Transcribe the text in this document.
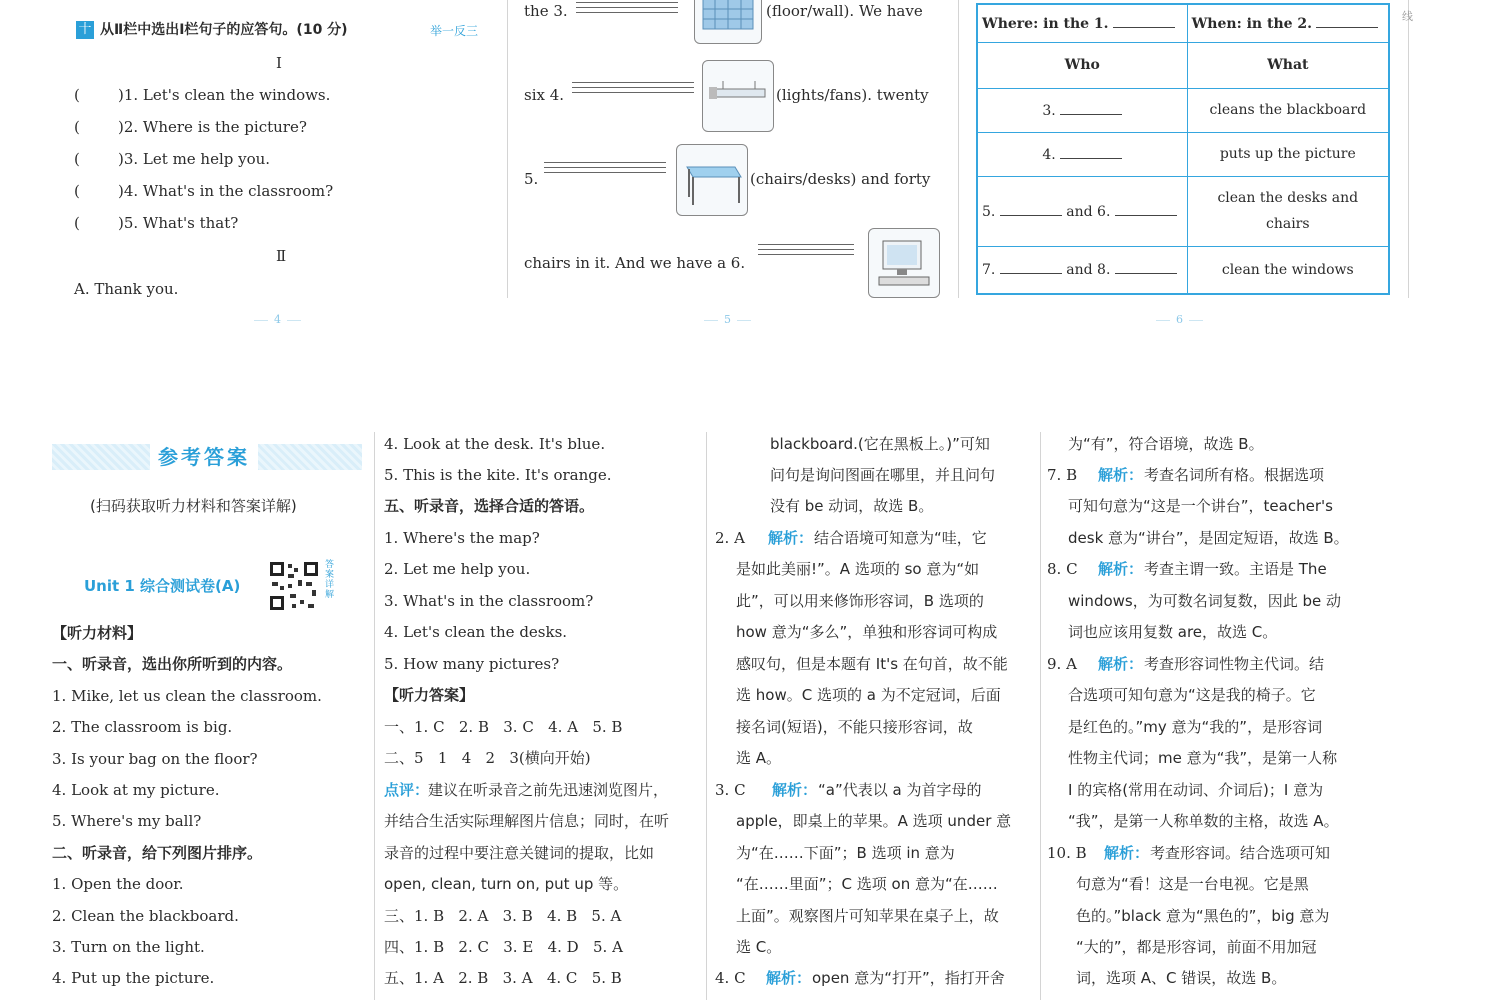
十 从Ⅱ栏中选出Ⅰ栏句子的应答句。(10 分)	举一反三
Ⅰ
(	)1. Let's clean the windows.
(	)2. Where is the picture?
(	)3. Let me help you.
(	)4. What's in the classroom?
(	)5. What's that?
Ⅱ
A. Thank you.
4
the 3.	(floor/wall). We have
six 4.	(lights/fans). twenty
5.	(chairs/desks) and forty
chairs in it. And we have a 6.
5
Where: in the 1.	When: in the 2.
Who	What
3.	cleans the blackboard
4.	puts up the picture
5. and 6.	clean the desks and
chairs

7. and 8.	clean the windows
6
线
参考答案
(扫码获取听力材料和答案详解)
Unit 1 综合测试卷(A)
答案详解
【听力材料】
一、听录音，选出你所听到的内容。
1. Mike, let us clean the classroom.
2. The classroom is big.
3. Is your bag on the floor?
4. Look at my picture.
5. Where's my ball?
二、听录音，给下列图片排序。
1. Open the door.
2. Clean the blackboard.
3. Turn on the light.
4. Put up the picture.
4. Look at the desk. It's blue.
5. This is the kite. It's orange.
五、听录音，选择合适的答语。
1. Where's the map?
2. Let me help you.
3. What's in the classroom?
4. Let's clean the desks.
5. How many pictures?
【听力答案】
一、1. C   2. B   3. C   4. A   5. B
二、5   1   4   2   3(横向开始)
点评：
建议在听录音之前先迅速浏览图片，
并结合生活实际理解图片信息；同时，在听
录音的过程中要注意关键词的提取，比如
open, clean, turn on, put up 等。
三、1. B   2. A   3. B   4. B   5. A
四、1. B   2. C   3. E   4. D   5. A
五、1. A   2. B   3. A   4. C   5. B
blackboard.(它在黑板上。)”可知
问句是询问图画在哪里，并且问句
没有 be 动词，故选 B。
2. A 解析： 结合语境可知意为“哇，它
是如此美丽!”。A 选项的 so 意为“如
此”，可以用来修饰形容词，B 选项的
how 意为“多么”，单独和形容词可构成
感叹句，但是本题有 It's 在句首，故不能
选 how。C 选项的 a 为不定冠词，后面
接名词(短语)，不能只接形容词，故
选 A。
3. C 解析： “a”代表以 a 为首字母的
apple，即桌上的苹果。A 选项 under 意
为“在……下面”；B 选项 in 意为
“在……里面”；C 选项 on 意为“在……
上面”。观察图片可知苹果在桌子上，故
选 C。
4. C 解析： open 意为“打开”，指打开舍
为“有”，符合语境，故选 B。
7. B 解析： 考查名词所有格。根据选项
可知句意为“这是一个讲台”，teacher's
desk 意为“讲台”，是固定短语，故选 B。
8. C 解析： 考查主谓一致。主语是 The
windows，为可数名词复数，因此 be 动
词也应该用复数 are，故选 C。
9. A 解析： 考查形容词性物主代词。结
合选项可知句意为“这是我的椅子。它
是红色的。”my 意为“我的”，是形容词
性物主代词；me 意为“我”，是第一人称
I 的宾格(常用在动词、介词后)；I 意为
“我”，是第一人称单数的主格，故选 A。
10. B 解析： 考查形容词。结合选项可知
句意为“看！这是一台电视。它是黑
色的。”black 意为“黑色的”，big 意为
“大的”，都是形容词，前面不用加冠
词，选项 A、C 错误，故选 B。
